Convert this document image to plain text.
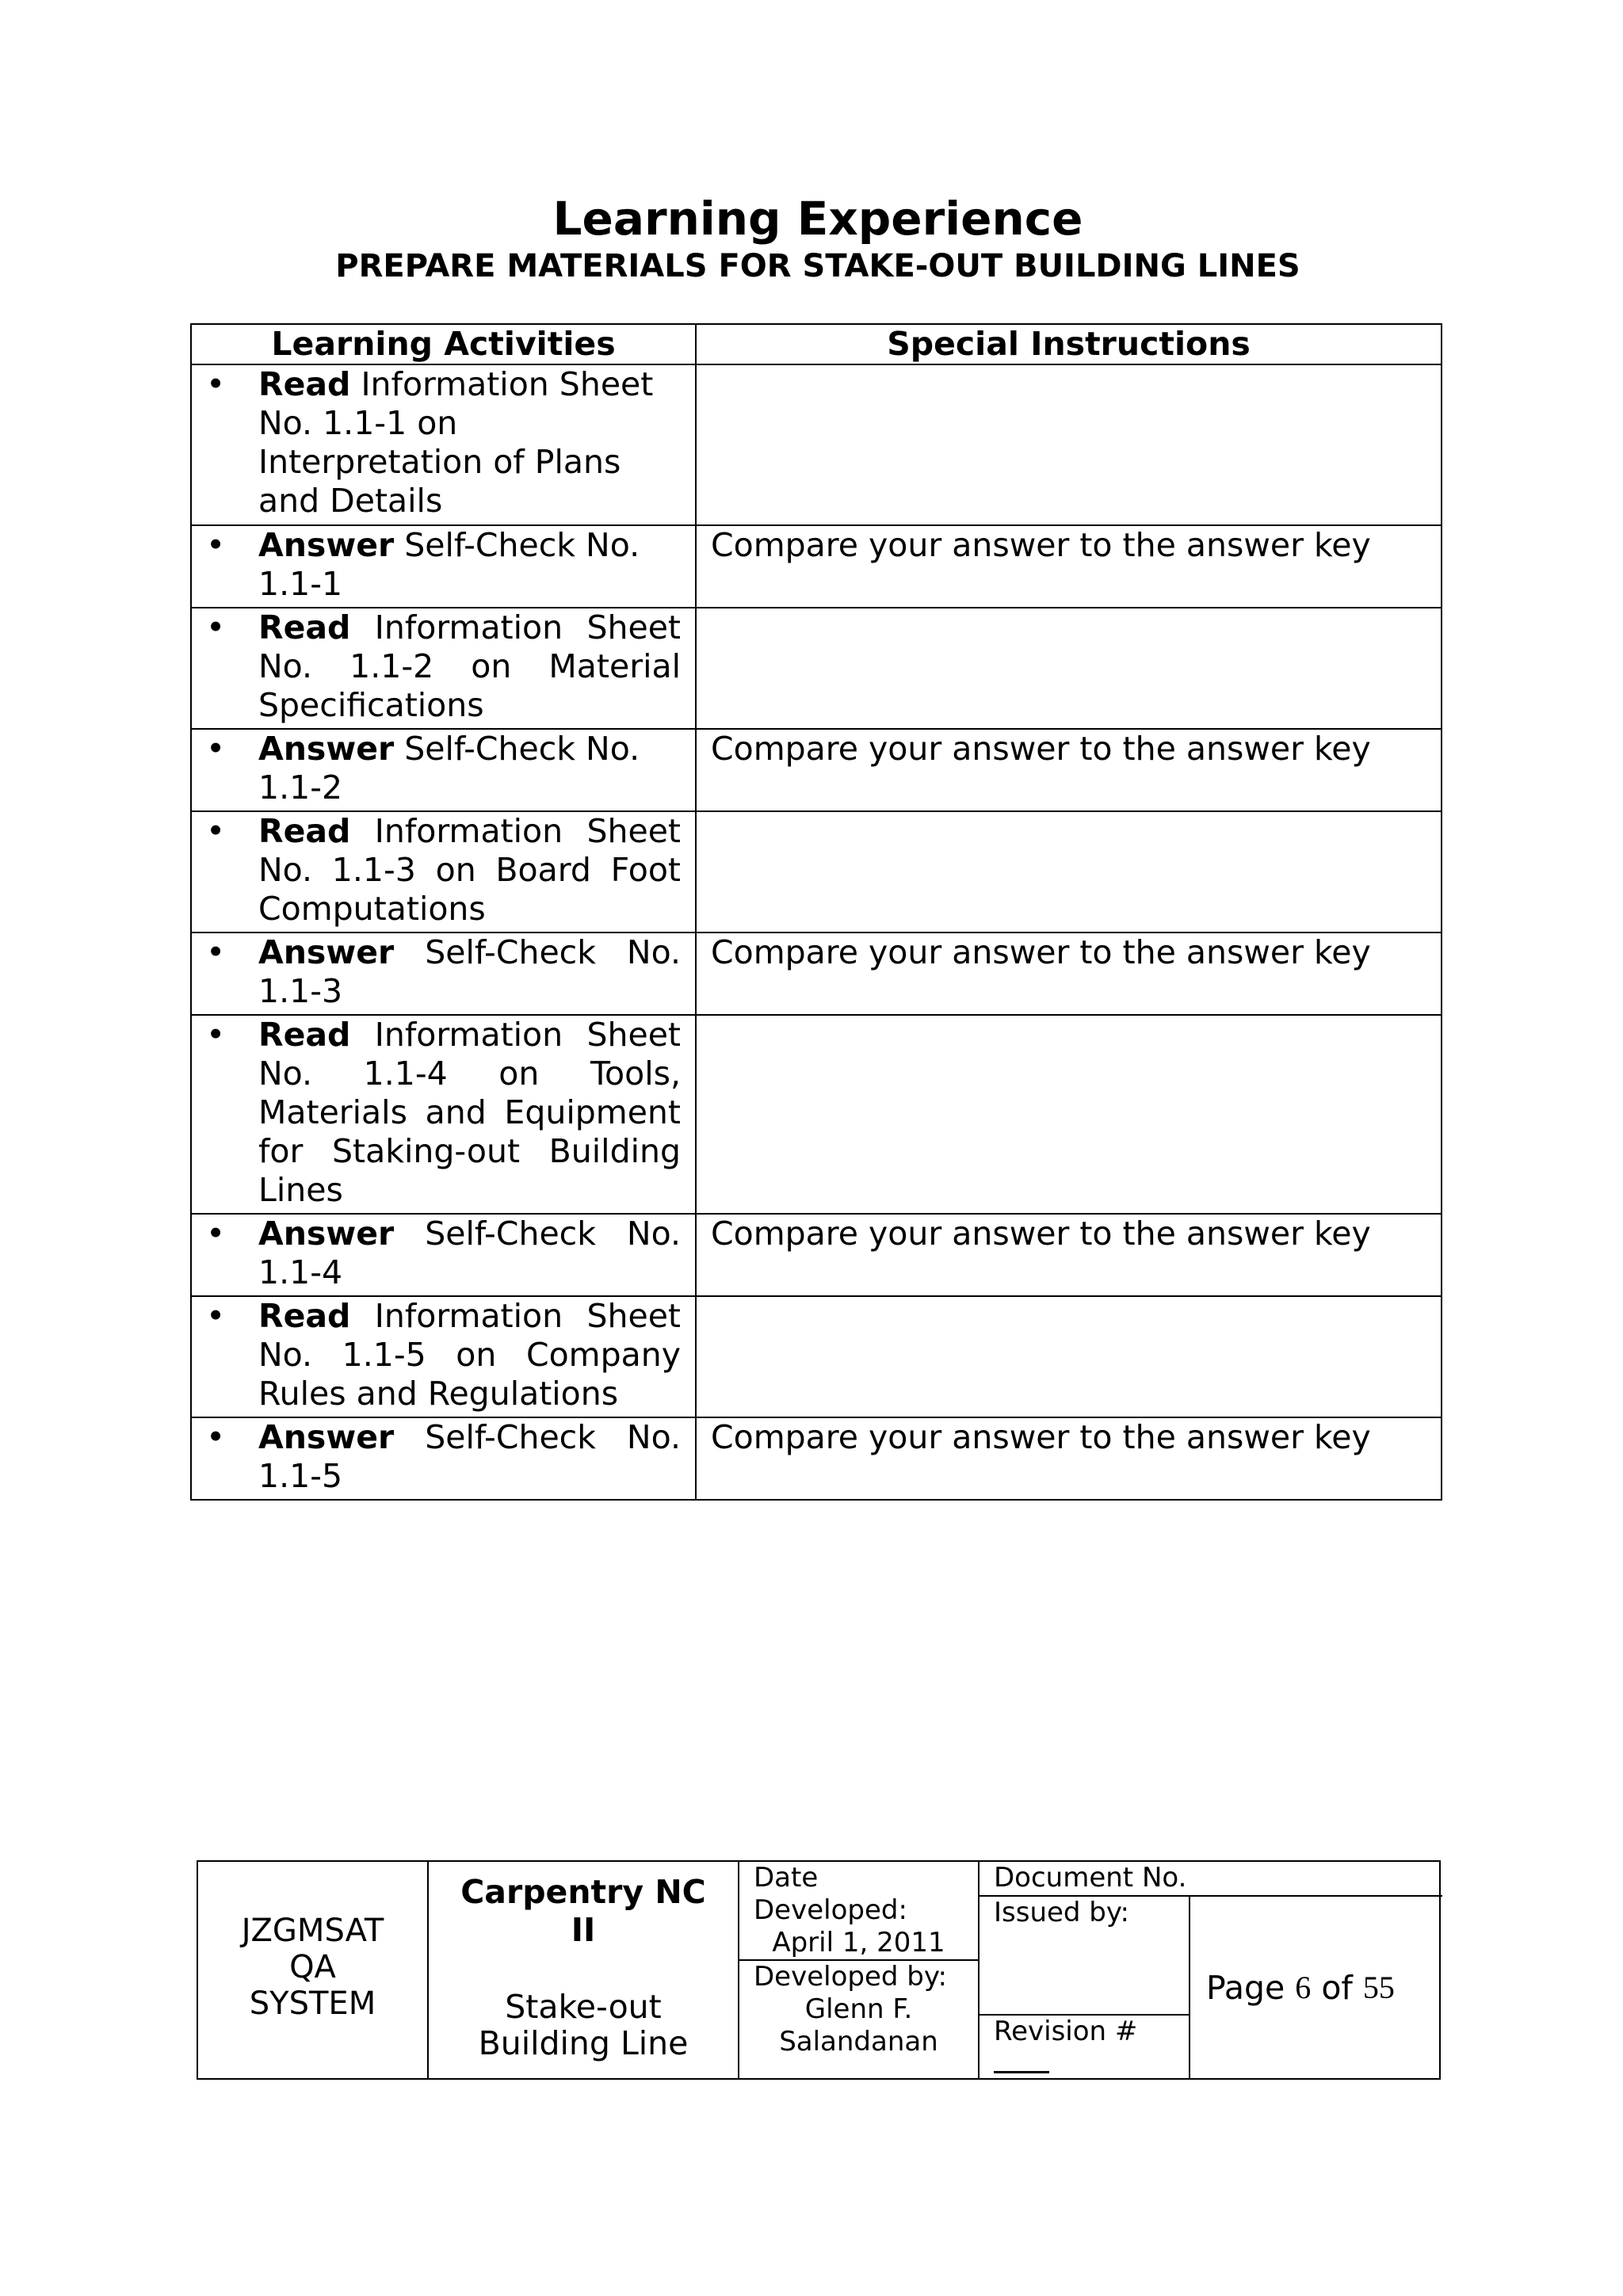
Learning Experience
PREPARE MATERIALS FOR STAKE-OUT BUILDING LINES
Learning Activities	Special Instructions

• Read Information Sheet No. 1.1-1 on Interpretation of Plans and Details	

• Answer Self-Check No. 1.1-1	Compare your answer to the answer key

• Read Information Sheet No. 1.1-2 on Material Specifications	

• Answer Self-Check No. 1.1-2	Compare your answer to the answer key

• Read Information Sheet No. 1.1-3 on Board Foot Computations	

• Answer Self-Check No. 1.1-3	Compare your answer to the answer key

• Read Information Sheet No. 1.1-4 on Tools, Materials and Equipment for Staking-out Building Lines	

• Answer Self-Check No. 1.1-4	Compare your answer to the answer key

• Read Information Sheet No. 1.1-5 on Company Rules and Regulations	

• Answer Self-Check No. 1.1-5	Compare your answer to the answer key
JZGMSAT
QA
SYSTEM
Carpentry NC
II
Stake-out
Building Line
Date
Developed:
April 1, 2011
Developed by:
Glenn F.
Salandanan
Document No.
Issued by:
Revision #
Page 6 of 55
